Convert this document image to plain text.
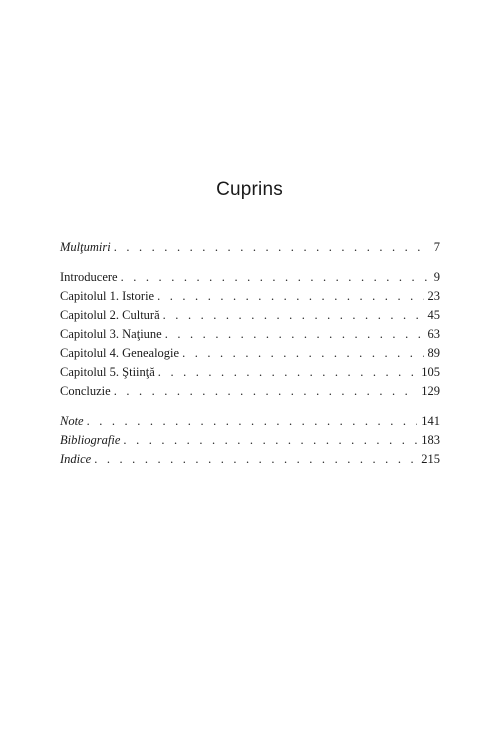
Cuprins
Mulţumiri . . .	7
Introducere . . .	9
Capitolul 1. Istorie . . .	23
Capitolul 2. Cultură . . .	45
Capitolul 3. Naţiune . . .	63
Capitolul 4. Genealogie . . .	89
Capitolul 5. Ştiinţă . . .	105
Concluzie . . .	129
Note . . .	141
Bibliografie . . .	183
Indice . . .	215
